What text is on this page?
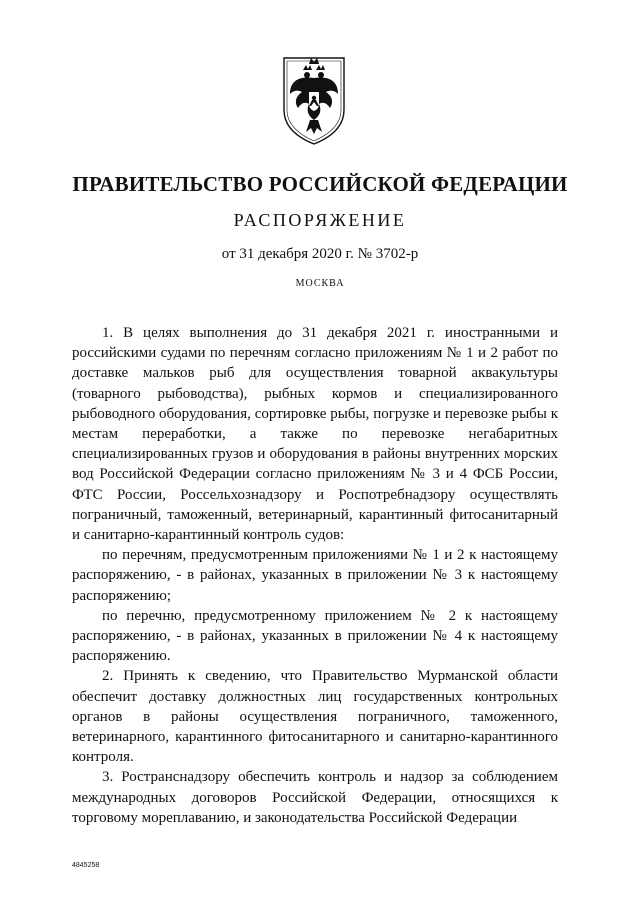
ПРАВИТЕЛЬСТВО РОССИЙСКОЙ ФЕДЕРАЦИИ
РАСПОРЯЖЕНИЕ
от 31 декабря 2020 г. № 3702-р
МОСКВА

1. В целях выполнения до 31 декабря 2021 г. иностранными и российскими судами по перечням согласно приложениям № 1 и 2 работ по доставке мальков рыб для осуществления товарной аквакультуры (товарного рыбоводства), рыбных кормов и специализированного рыбоводного оборудования, сортировке рыбы, погрузке и перевозке рыбы к местам переработки, а также по перевозке негабаритных специализированных грузов и оборудования в районы внутренних морских вод Российской Федерации согласно приложениям № 3 и 4 ФСБ России, ФТС России, Россельхознадзору и Роспотребнадзору осуществлять пограничный, таможенный, ветеринарный, карантинный фитосанитарный и санитарно-карантинный контроль судов:

по перечням, предусмотренным приложениями № 1 и 2 к настоящему распоряжению, - в районах, указанных в приложении № 3 к настоящему распоряжению;

по перечню, предусмотренному приложением № 2 к настоящему распоряжению, - в районах, указанных в приложении № 4 к настоящему распоряжению.

2. Принять к сведению, что Правительство Мурманской области обеспечит доставку должностных лиц государственных контрольных органов в районы осуществления пограничного, таможенного, ветеринарного, карантинного фитосанитарного и санитарно-карантинного контроля.

3. Ространснадзору обеспечить контроль и надзор за соблюдением международных договоров Российской Федерации, относящихся к торговому мореплаванию, и законодательства Российской Федерации

4845258
